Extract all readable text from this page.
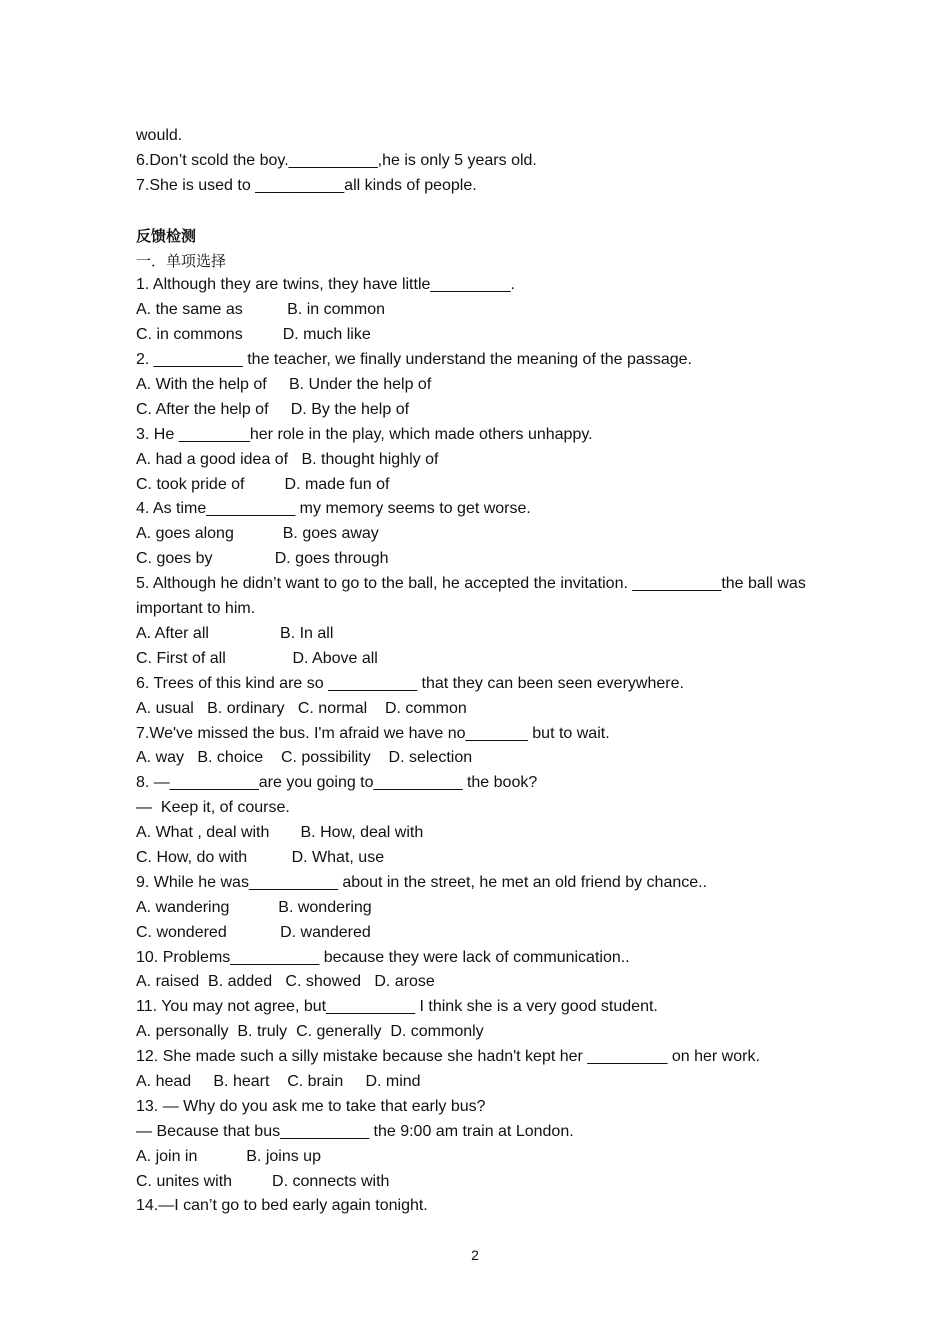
would.
6.Don’t scold the boy.__________,he is only 5 years old.
7.She is used to __________all kinds of people.
反馈检测
一．单项选择
1. Although they are twins, they have little_________.
A. the same as          B. in common
C. in commons         D. much like
2. __________ the teacher, we finally understand the meaning of the passage.
A. With the help of     B. Under the help of
C. After the help of     D. By the help of
3. He ________her role in the play, which made others unhappy.
A. had a good idea of   B. thought highly of
C. took pride of         D. made fun of
4. As time__________ my memory seems to get worse.
A. goes along           B. goes away
C. goes by              D. goes through
5. Although he didn’t want to go to the ball, he accepted the invitation. __________the ball was important to him.
A. After all                B. In all
C. First of all               D. Above all
6. Trees of this kind are so __________ that they can been seen everywhere.
A. usual   B. ordinary   C. normal    D. common
7.We've missed the bus. I'm afraid we have no_______ but to wait.
A. way   B. choice    C. possibility    D. selection
8. —__________are you going to__________ the book?
—  Keep it, of course.
A. What , deal with       B. How, deal with
C. How, do with          D. What, use
9. While he was__________ about in the street, he met an old friend by chance..
A. wandering           B. wondering
C. wondered            D. wandered
10. Problems__________ because they were lack of communication..
A. raised  B. added   C. showed   D. arose
11. You may not agree, but__________ I think she is a very good student.
A. personally  B. truly  C. generally  D. commonly
12. She made such a silly mistake because she hadn't kept her _________ on her work.
A. head     B. heart    C. brain     D. mind
13. — Why do you ask me to take that early bus?
— Because that bus__________ the 9:00 am train at London.
A. join in           B. joins up
C. unites with         D. connects with
14.—I can’t go to bed early again tonight.
2
